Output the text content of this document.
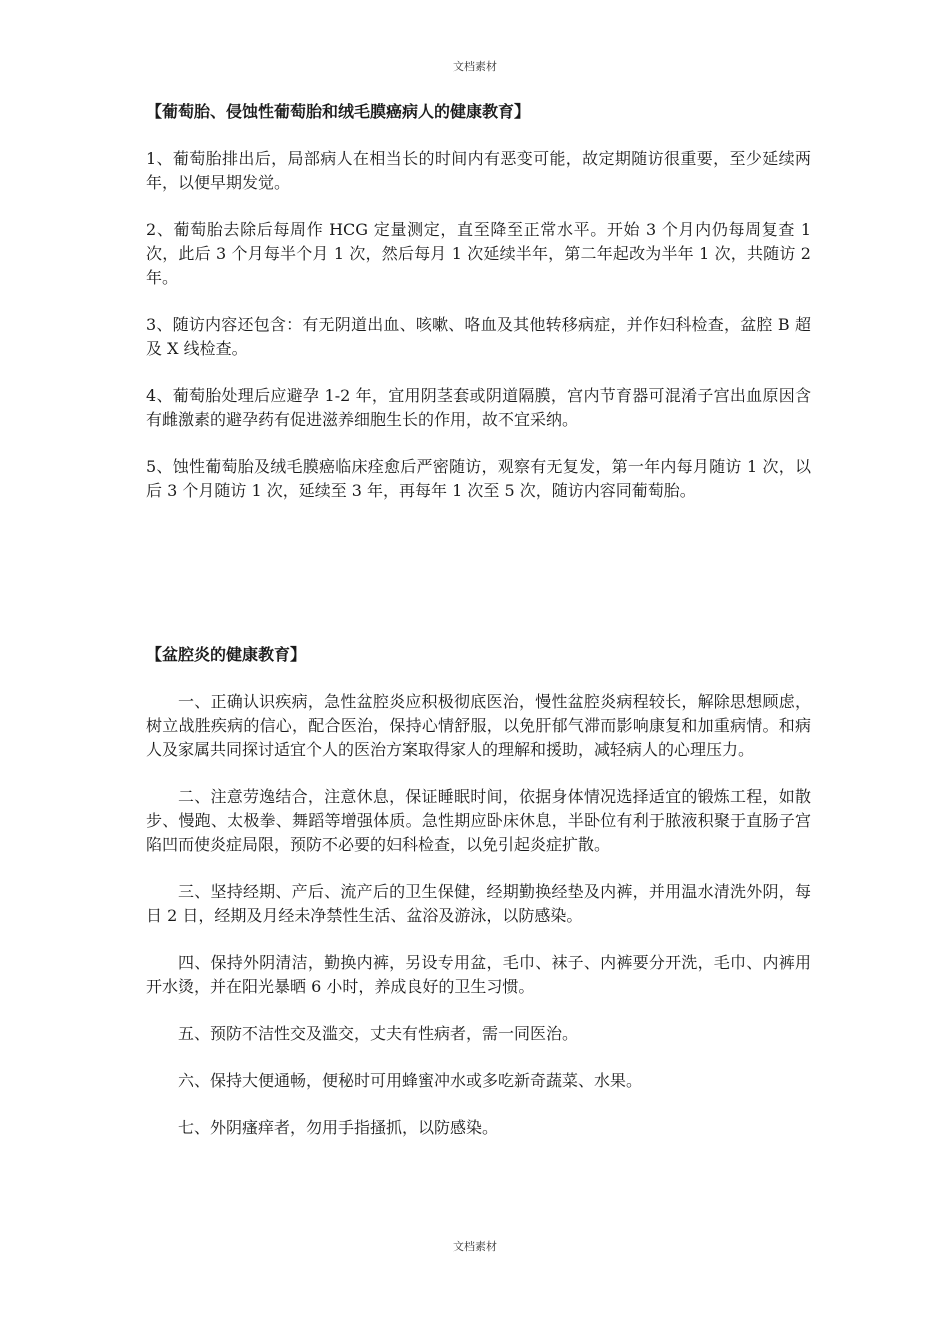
文档素材
【葡萄胎、侵蚀性葡萄胎和绒毛膜癌病人的健康教育】

1、葡萄胎排出后，局部病人在相当长的时间内有恶变可能，故定期随访很重要，至少延续两年，以便早期发觉。

2、葡萄胎去除后每周作 HCG 定量测定，直至降至正常水平。开始 3 个月内仍每周复查 1 次，此后 3 个月每半个月 1 次，然后每月 1 次延续半年，第二年起改为半年 1 次，共随访 2 年。

3、随访内容还包含：有无阴道出血、咳嗽、咯血及其他转移病症，并作妇科检查，盆腔 B 超及 X 线检查。

4、葡萄胎处理后应避孕 1-2 年，宜用阴茎套或阴道隔膜，宫内节育器可混淆子宫出血原因含有雌激素的避孕药有促进滋养细胞生长的作用，故不宜采纳。

5、蚀性葡萄胎及绒毛膜癌临床痊愈后严密随访，观察有无复发，第一年内每月随访 1 次，以后 3 个月随访 1 次，延续至 3 年，再每年 1 次至 5 次，随访内容同葡萄胎。

【盆腔炎的健康教育】

一、正确认识疾病，急性盆腔炎应积极彻底医治，慢性盆腔炎病程较长，解除思想顾虑，树立战胜疾病的信心，配合医治，保持心情舒服，以免肝郁气滞而影响康复和加重病情。和病人及家属共同探讨适宜个人的医治方案取得家人的理解和援助，减轻病人的心理压力。

二、注意劳逸结合，注意休息，保证睡眠时间，依据身体情况选择适宜的锻炼工程，如散步、慢跑、太极拳、舞蹈等增强体质。急性期应卧床休息，半卧位有利于脓液积聚于直肠子宫陷凹而使炎症局限，预防不必要的妇科检查，以免引起炎症扩散。

三、坚持经期、产后、流产后的卫生保健，经期勤换经垫及内裤，并用温水清洗外阴，每日 2 日，经期及月经未净禁性生活、盆浴及游泳，以防感染。

四、保持外阴清洁，勤换内裤，另设专用盆，毛巾、袜子、内裤要分开洗，毛巾、内裤用开水烫，并在阳光暴晒 6 小时，养成良好的卫生习惯。

五、预防不洁性交及滥交，丈夫有性病者，需一同医治。

六、保持大便通畅，便秘时可用蜂蜜冲水或多吃新奇蔬菜、水果。

七、外阴瘙痒者，勿用手指搔抓，以防感染。

文档素材
